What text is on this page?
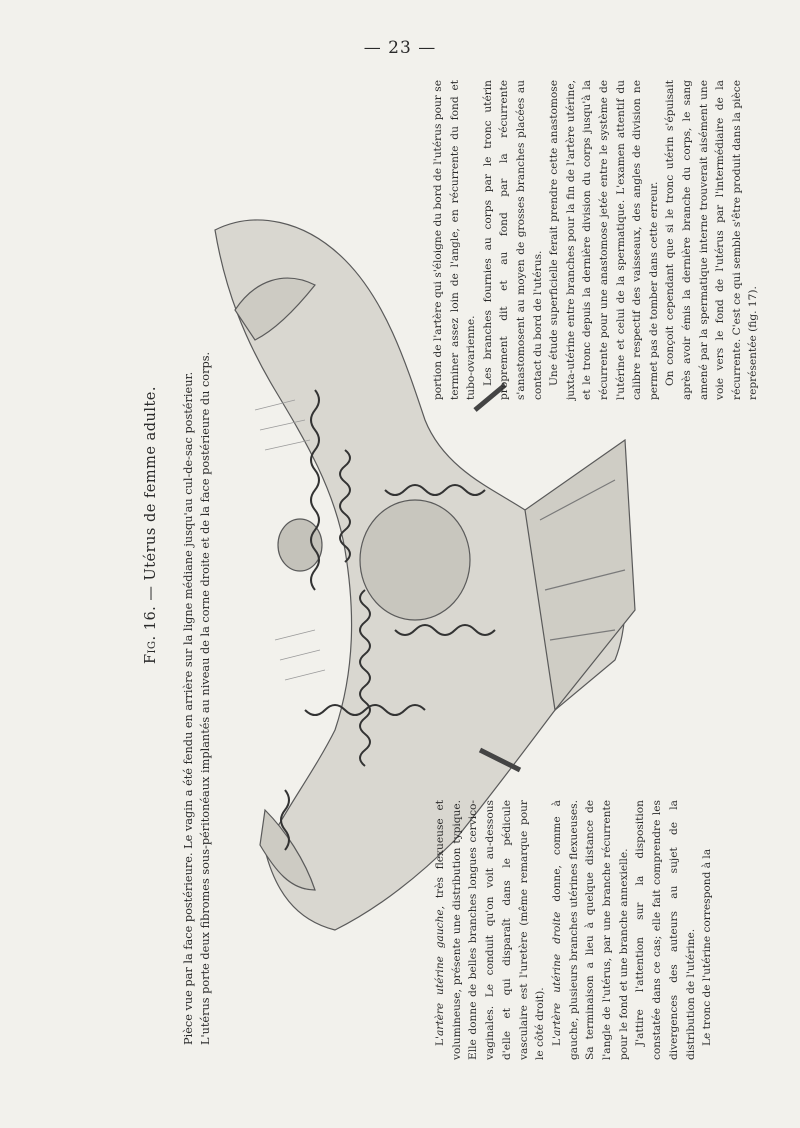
— 23 —

Fig. 16. — Utérus de femme adulte. Pièce vue par la face postérieure. Le vagin a été fendu en arrière sur la ligne médiane jusqu'au cul-de-sac postérieur. L'utérus porte deux fibromes sous-péritonéaux implantés au niveau de la corne droite et de la face postérieure du corps.	L'artère utérine gauche, très flexueuse et volumineuse, présente une distribution typique. Elle donne de belles branches longues cervico-vaginales. Le conduit qu'on voit au-dessous d'elle et qui disparaît dans le pédicule vasculaire est l'uretère (même remarque pour le côté droit). L'artère utérine droite donne, comme à gauche, plusieurs branches utérines flexueuses. Sa terminaison a lieu à quelque distance de l'angle de l'utérus, par une branche récurrente pour le fond et une branche annexielle. J'attire l'attention sur la disposition constatée dans ce cas; elle fait comprendre les divergences des auteurs au sujet de la distribution de l'utérine. Le tronc de l'utérine correspond à la

portion de l'artère qui s'éloigne du bord de l'utérus pour se terminer assez loin de l'angle, en récurrente du fond et tubo-ovarienne. Les branches fournies au corps par le tronc utérin proprement dit et au fond par la récurrente s'anastomosent au moyen de grosses branches placées au contact du bord de l'utérus. Une étude superficielle ferait prendre cette anastomose juxta-utérine entre branches pour la fin de l'artère utérine, et le tronc depuis la dernière division du corps jusqu'à la récurrente pour une anastomose jetée entre le système de l'utérine et celui de la spermatique. L'examen attentif du calibre respectif des vaisseaux, des angles de division ne permet pas de tomber dans cette erreur. On conçoit cependant que si le tronc utérin s'épuisait après avoir émis la dernière branche du corps, le sang amené par la spermatique interne trouverait aisément une voie vers le fond de l'utérus par l'intermédiaire de la récurrente. C'est ce qui semble s'être produit dans la pièce représentée (fig. 17).
